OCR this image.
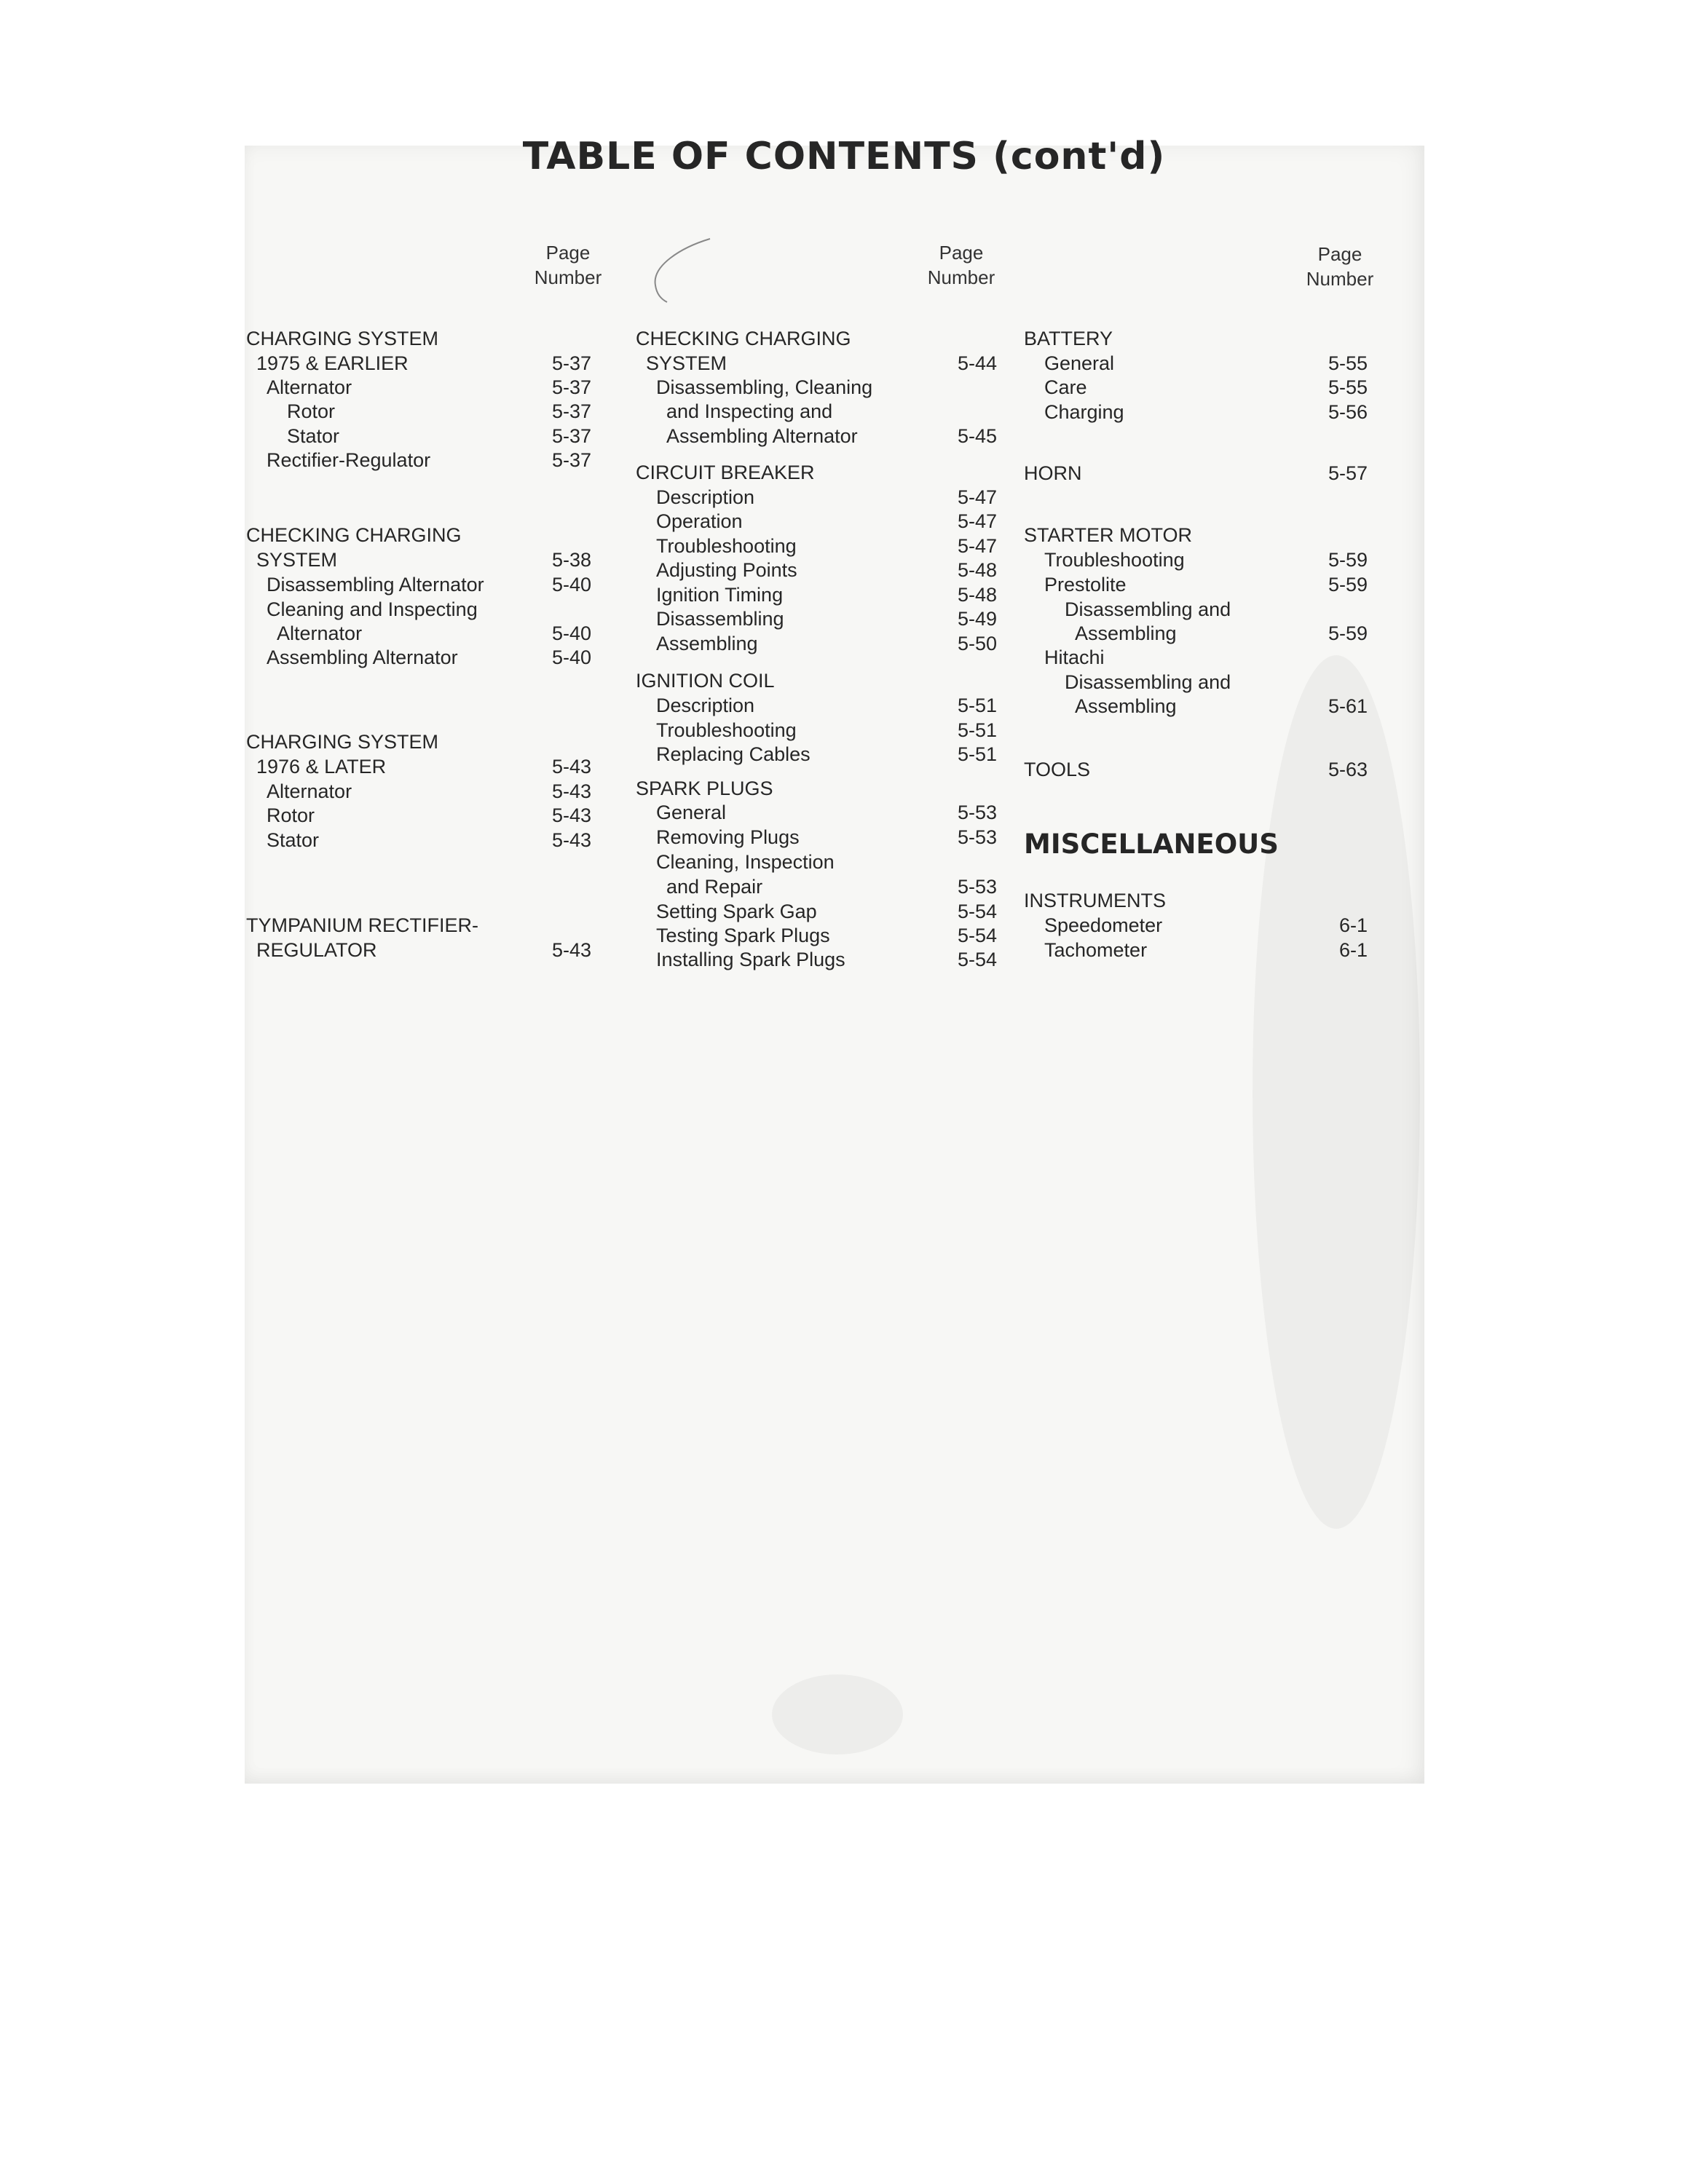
TABLE OF CONTENTS (cont'd)
Page
Number
Page
Number
Page
Number
CHARGING SYSTEM
1975 & EARLIER	5-37
Alternator	5-37
Rotor	5-37
Stator	5-37
Rectifier-Regulator	5-37
CHECKING CHARGING
SYSTEM	5-38
Disassembling Alternator	5-40
Cleaning and Inspecting
Alternator	5-40
Assembling Alternator	5-40
CHARGING SYSTEM
1976 & LATER	5-43
Alternator	5-43
Rotor	5-43
Stator	5-43
TYMPANIUM RECTIFIER-
REGULATOR	5-43
CHECKING CHARGING
SYSTEM	5-44
Disassembling, Cleaning
and Inspecting and
Assembling Alternator	5-45
CIRCUIT BREAKER
Description	5-47
Operation	5-47
Troubleshooting	5-47
Adjusting Points	5-48
Ignition Timing	5-48
Disassembling	5-49
Assembling	5-50
IGNITION COIL
Description	5-51
Troubleshooting	5-51
Replacing Cables	5-51
SPARK PLUGS
General	5-53
Removing Plugs	5-53
Cleaning, Inspection
and Repair	5-53
Setting Spark Gap	5-54
Testing Spark Plugs	5-54
Installing Spark Plugs	5-54
BATTERY
General	5-55
Care	5-55
Charging	5-56
HORN	5-57
STARTER MOTOR
Troubleshooting	5-59
Prestolite	5-59
Disassembling and
Assembling	5-59
Hitachi
Disassembling and
Assembling	5-61
TOOLS	5-63
INSTRUMENTS
Speedometer	6-1
Tachometer	6-1
MISCELLANEOUS
